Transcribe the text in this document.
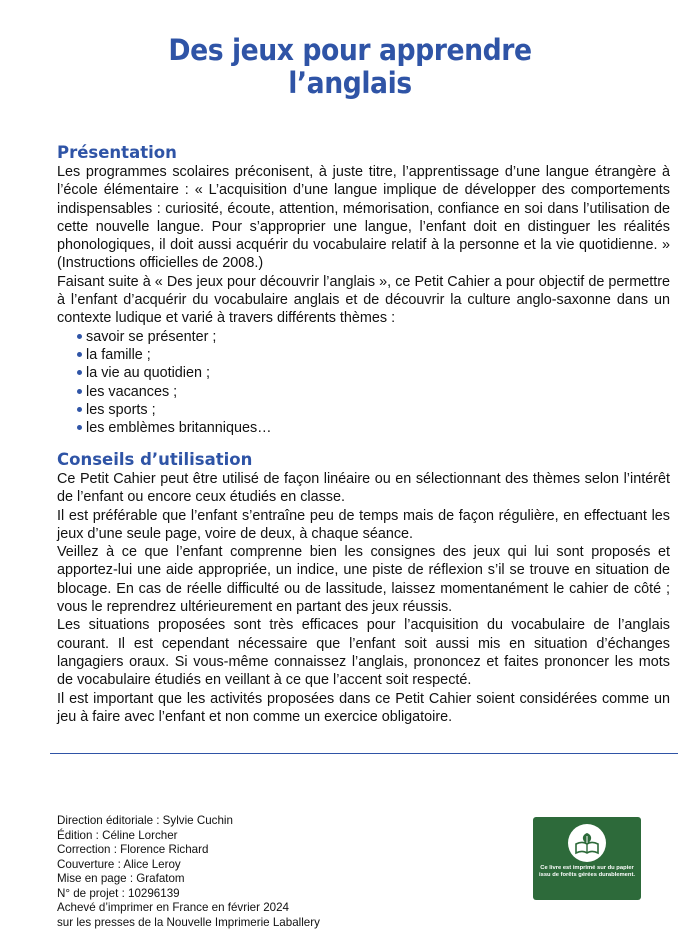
Des jeux pour apprendre
l’anglais
Présentation

Les programmes scolaires préconisent, à juste titre, l’apprentissage d’une langue étrangère à l’école élémentaire : « L’acquisition d’une langue implique de développer des comportements indispensables : curiosité, écoute, attention, mémorisation, confiance en soi dans l’utilisation de cette nouvelle langue. Pour s’approprier une langue, l’enfant doit en distinguer les réalités phonologiques, il doit aussi acquérir du vocabulaire relatif à la personne et la vie quotidienne. » (Instructions officielles de 2008.)

Faisant suite à « Des jeux pour découvrir l’anglais », ce Petit Cahier a pour objectif de permettre à l’enfant d’acquérir du vocabulaire anglais et de découvrir la culture anglo-saxonne dans un contexte ludique et varié à travers différents thèmes :

savoir se présenter ;
la famille ;
la vie au quotidien ;
les vacances ;
les sports ;
les emblèmes britanniques…
Conseils d’utilisation

Ce Petit Cahier peut être utilisé de façon linéaire ou en sélectionnant des thèmes selon l’intérêt de l’enfant ou encore ceux étudiés en classe.

Il est préférable que l’enfant s’entraîne peu de temps mais de façon régulière, en effectuant les jeux d’une seule page, voire de deux, à chaque séance.

Veillez à ce que l’enfant comprenne bien les consignes des jeux qui lui sont proposés et apportez-lui une aide appropriée, un indice, une piste de réflexion s’il se trouve en situation de blocage. En cas de réelle difficulté ou de lassitude, laissez momentanément le cahier de côté ; vous le reprendrez ultérieurement en partant des jeux réussis.

Les situations proposées sont très efficaces pour l’acquisition du vocabulaire de l’anglais courant. Il est cependant nécessaire que l’enfant soit aussi mis en situation d’échanges langagiers oraux. Si vous-même connaissez l’anglais, prononcez et faites prononcer les mots de vocabulaire étudiés en veillant à ce que l’accent soit respecté.

Il est important que les activités proposées dans ce Petit Cahier soient considérées comme un jeu à faire avec l’enfant et non comme un exercice obligatoire.

Direction éditoriale : Sylvie Cuchin
Édition : Céline Lorcher
Correction : Florence Richard
Couverture : Alice Leroy
Mise en page : Grafatom
N° de projet : 10296139
Achevé d’imprimer en France en février 2024
sur les presses de la Nouvelle Imprimerie Laballery
Ce livre est imprimé sur du papier issu de forêts gérées durablement.
